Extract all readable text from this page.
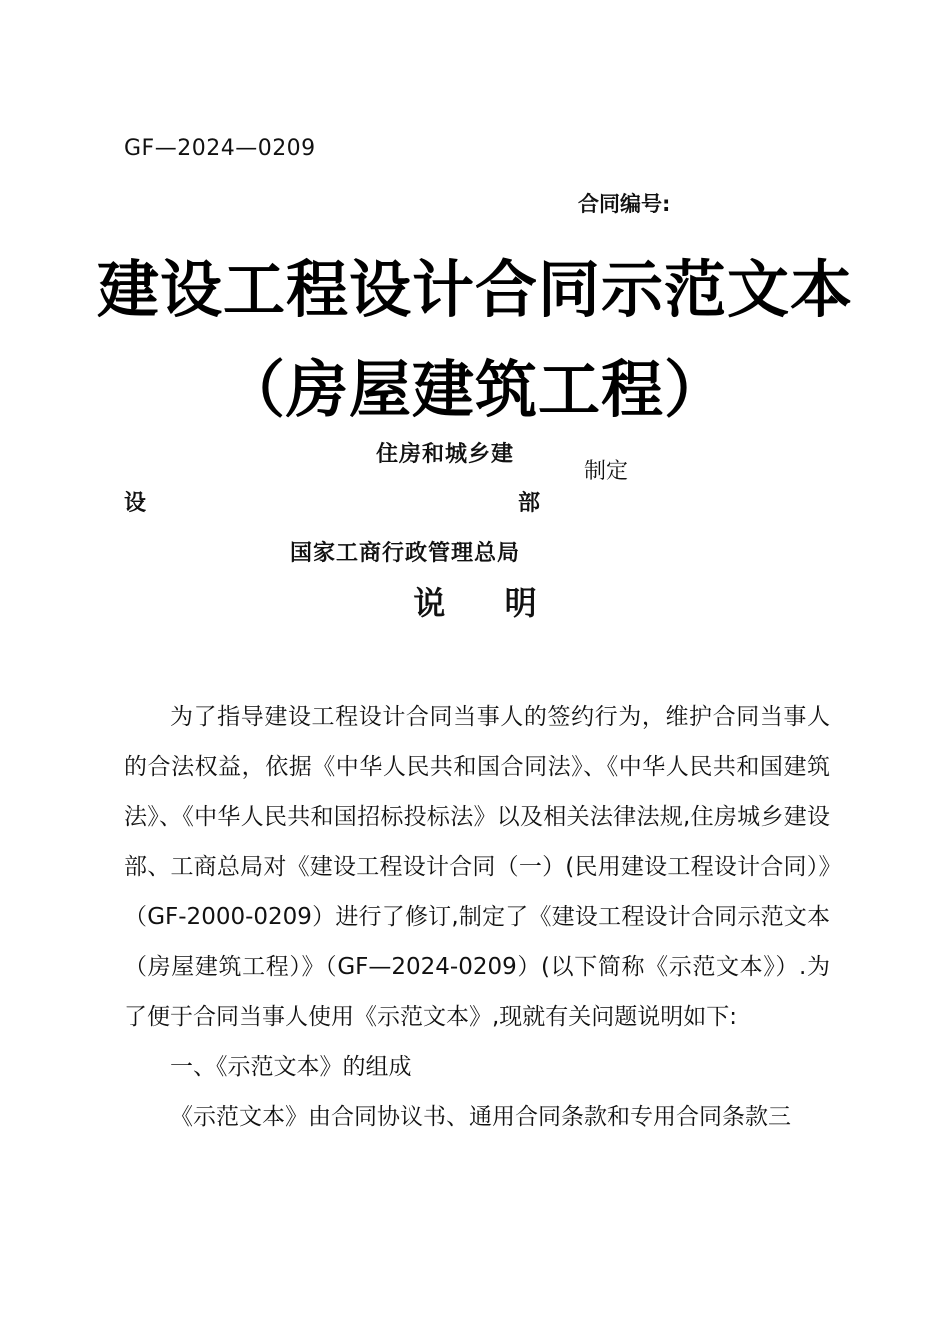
GF—2024—0209

合同编号:

建设工程设计合同示范文本
（房屋建筑工程）

住房和城乡建

设	部

国家工商行政管理总局

制定

说 明

为了指导建设工程设计合同当事人的签约行为，维护合同当事人的合法权益，依据《中华人民共和国合同法》、《中华人民共和国建筑法》、《中华人民共和国招标投标法》以及相关法律法规,住房城乡建设部、工商总局对《建设工程设计合同（一）(民用建设工程设计合同）》（GF-2000-0209）进行了修订,制定了《建设工程设计合同示范文本（房屋建筑工程）》（GF—2024-0209）(以下简称《示范文本》）.为了便于合同当事人使用《示范文本》,现就有关问题说明如下:

一、《示范文本》的组成

《示范文本》由合同协议书、通用合同条款和专用合同条款三
